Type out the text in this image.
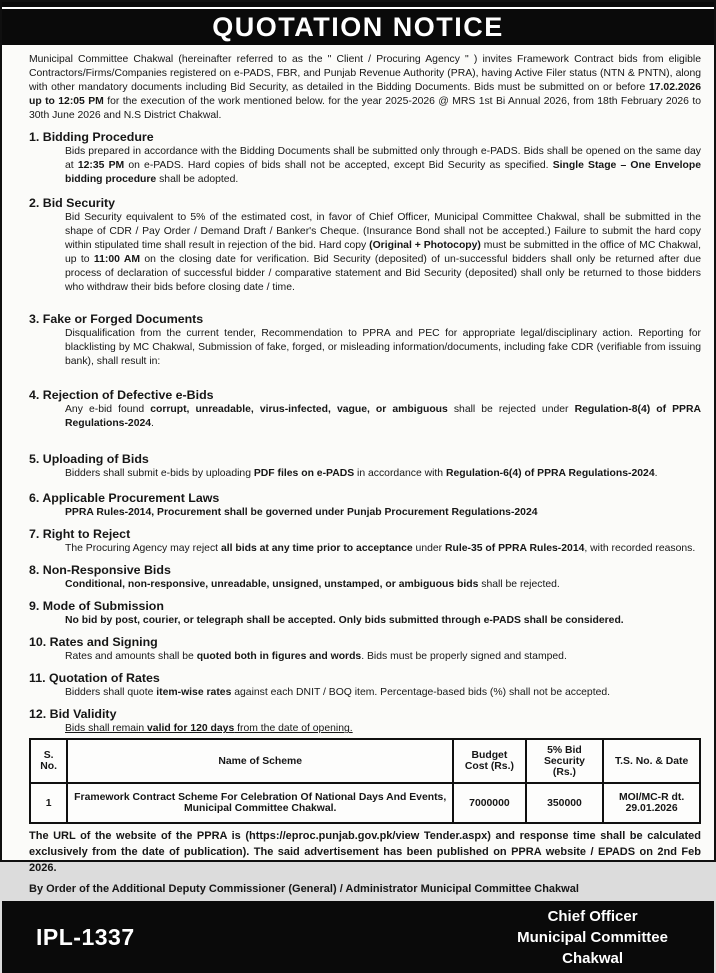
QUOTATION NOTICE
Municipal Committee Chakwal (hereinafter referred to as the " Client / Procuring Agency " ) invites Framework Contract bids from eligible Contractors/Firms/Companies registered on e-PADS, FBR, and Punjab Revenue Authority (PRA), having Active Filer status (NTN & PNTN), along with other mandatory documents including Bid Security, as detailed in the Bidding Documents. Bids must be submitted on or before 17.02.2026 up to 12:05 PM for the execution of the work mentioned below. for the year 2025-2026 @ MRS 1st Bi Annual 2026, from 18th February 2026 to 30th June 2026 and N.S District Chakwal.
1. Bidding Procedure
Bids prepared in accordance with the Bidding Documents shall be submitted only through e-PADS. Bids shall be opened on the same day at 12:35 PM on e-PADS. Hard copies of bids shall not be accepted, except Bid Security as specified. Single Stage – One Envelope bidding procedure shall be adopted.
2. Bid Security
Bid Security equivalent to 5% of the estimated cost, in favor of Chief Officer, Municipal Committee Chakwal, shall be submitted in the shape of CDR / Pay Order / Demand Draft / Banker's Cheque. (Insurance Bond shall not be accepted.) Failure to submit the hard copy within stipulated time shall result in rejection of the bid. Hard copy (Original + Photocopy) must be submitted in the office of MC Chakwal, up to 11:00 AM on the closing date for verification. Bid Security (deposited) of un-successful bidders shall only be returned after due process of declaration of successful bidder / comparative statement and Bid Security (deposited) shall only be returned to those bidders who withdraw their bids before closing date / time.
3. Fake or Forged Documents
Disqualification from the current tender, Recommendation to PPRA and PEC for appropriate legal/disciplinary action. Reporting for blacklisting by MC Chakwal, Submission of fake, forged, or misleading information/documents, including fake CDR (verifiable from issuing bank), shall result in:
4. Rejection of Defective e-Bids
Any e-bid found corrupt, unreadable, virus-infected, vague, or ambiguous shall be rejected under Regulation-8(4) of PPRA Regulations-2024.
5. Uploading of Bids
Bidders shall submit e-bids by uploading PDF files on e-PADS in accordance with Regulation-6(4) of PPRA Regulations-2024.
6. Applicable Procurement Laws
PPRA Rules-2014, Procurement shall be governed under Punjab Procurement Regulations-2024
7. Right to Reject
The Procuring Agency may reject all bids at any time prior to acceptance under Rule-35 of PPRA Rules-2014, with recorded reasons.
8. Non-Responsive Bids
Conditional, non-responsive, unreadable, unsigned, unstamped, or ambiguous bids shall be rejected.
9. Mode of Submission
No bid by post, courier, or telegraph shall be accepted. Only bids submitted through e-PADS shall be considered.
10. Rates and Signing
Rates and amounts shall be quoted both in figures and words. Bids must be properly signed and stamped.
11. Quotation of Rates
Bidders shall quote item-wise rates against each DNIT / BOQ item. Percentage-based bids (%) shall not be accepted.
12. Bid Validity
Bids shall remain valid for 120 days from the date of opening.
S. No.	Name of Scheme	Budget Cost (Rs.)	5% Bid Security (Rs.)	T.S. No. & Date
1	Framework Contract Scheme For Celebration Of National Days And Events, Municipal Committee Chakwal.	7000000	350000	MOI/MC-R dt. 29.01.2026
The URL of the website of the PPRA is (https://eproc.punjab.gov.pk/view Tender.aspx) and response time shall be calculated exclusively from the date of publication). The said advertisement has been published on PPRA website / EPADS on 2nd Feb 2026.
By Order of the Additional Deputy Commissioner (General) / Administrator Municipal Committee Chakwal
IPL-1337
Chief Officer
Municipal Committee
Chakwal
